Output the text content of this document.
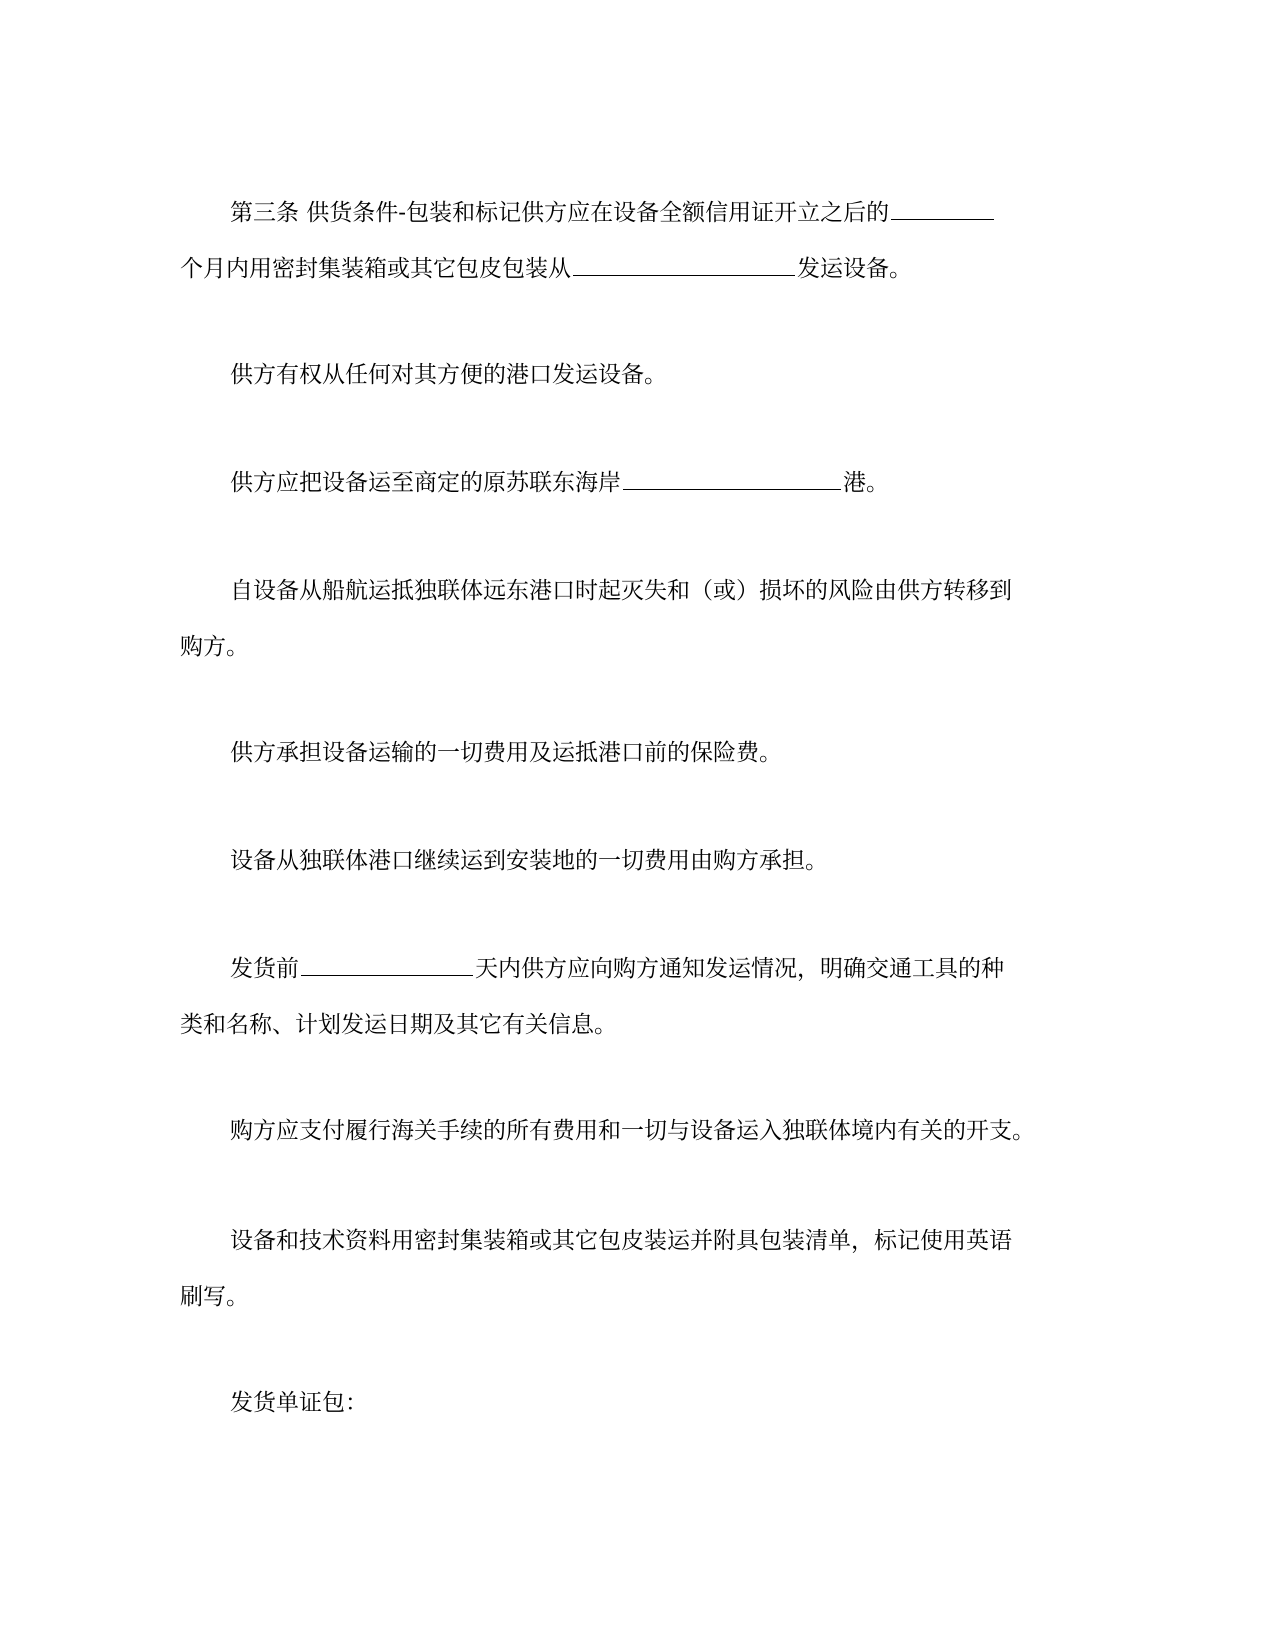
第三条 供货条件-包装和标记供方应在设备全额信用证开立之后的
个月内用密封集装箱或其它包皮包装从	发运设备。
供方有权从任何对其方便的港口发运设备。
供方应把设备运至商定的原苏联东海岸	港。
自设备从船航运抵独联体远东港口时起灭失和（或）损坏的风险由供方转移到
购方。
供方承担设备运输的一切费用及运抵港口前的保险费。
设备从独联体港口继续运到安装地的一切费用由购方承担。
发货前	天内供方应向购方通知发运情况，明确交通工具的种
类和名称、计划发运日期及其它有关信息。
购方应支付履行海关手续的所有费用和一切与设备运入独联体境内有关的开支。
设备和技术资料用密封集装箱或其它包皮装运并附具包装清单，标记使用英语
刷写。
发货单证包：
